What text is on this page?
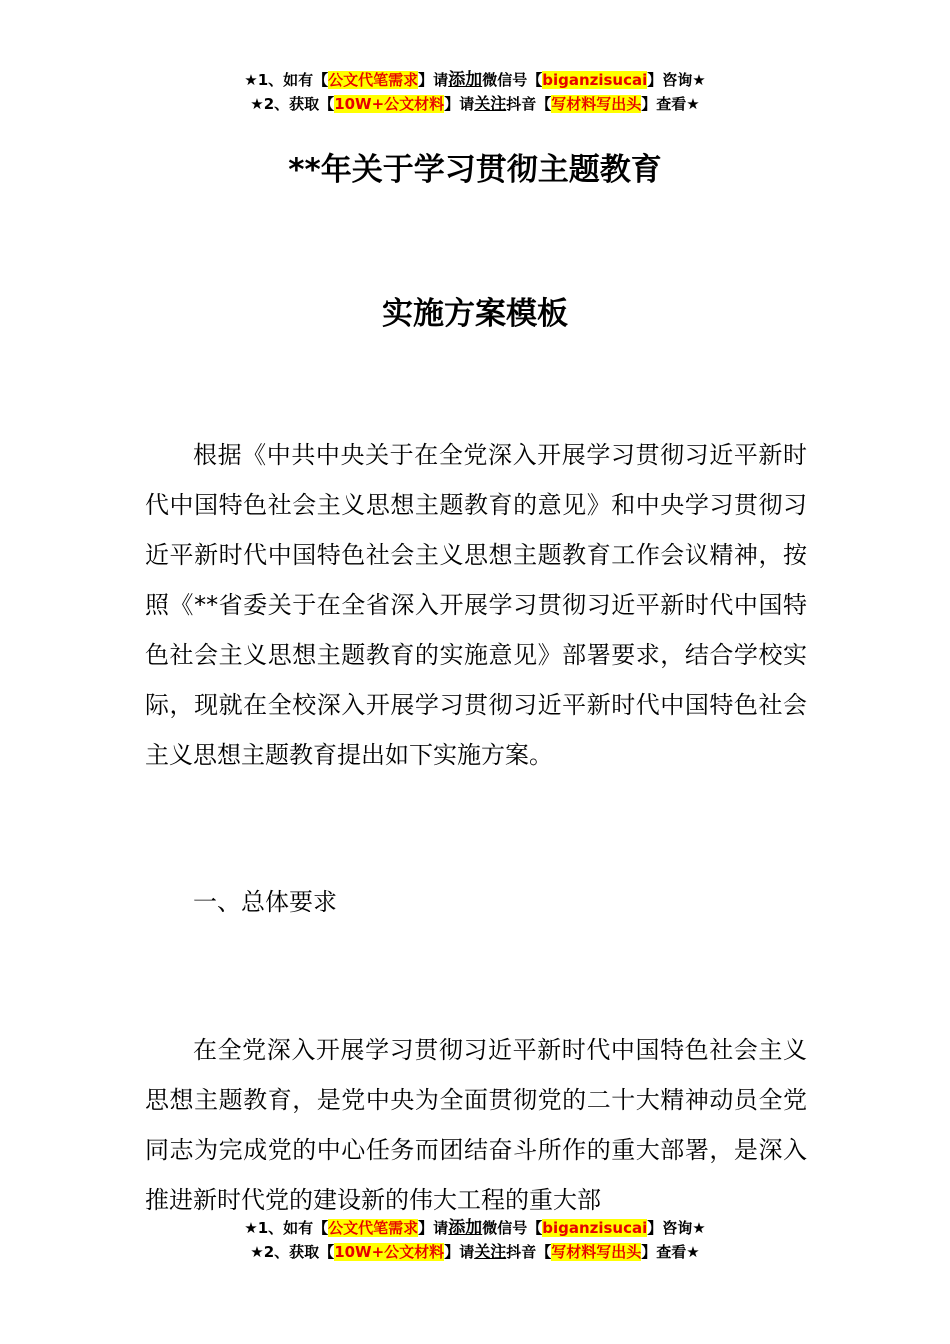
★1、如有【公文代笔需求】请添加微信号【biganzisucai】咨询★
★2、获取【10W+公文材料】请关注抖音【写材料写出头】查看★
**年关于学习贯彻主题教育
实施方案模板
根据《中共中央关于在全党深入开展学习贯彻习近平新时代中国特色社会主义思想主题教育的意见》和中央学习贯彻习近平新时代中国特色社会主义思想主题教育工作会议精神，按照《**省委关于在全省深入开展学习贯彻习近平新时代中国特色社会主义思想主题教育的实施意见》部署要求，结合学校实际，现就在全校深入开展学习贯彻习近平新时代中国特色社会主义思想主题教育提出如下实施方案。
一、总体要求
在全党深入开展学习贯彻习近平新时代中国特色社会主义思想主题教育，是党中央为全面贯彻党的二十大精神动员全党同志为完成党的中心任务而团结奋斗所作的重大部署，是深入推进新时代党的建设新的伟大工程的重大部
★1、如有【公文代笔需求】请添加微信号【biganzisucai】咨询★
★2、获取【10W+公文材料】请关注抖音【写材料写出头】查看★
